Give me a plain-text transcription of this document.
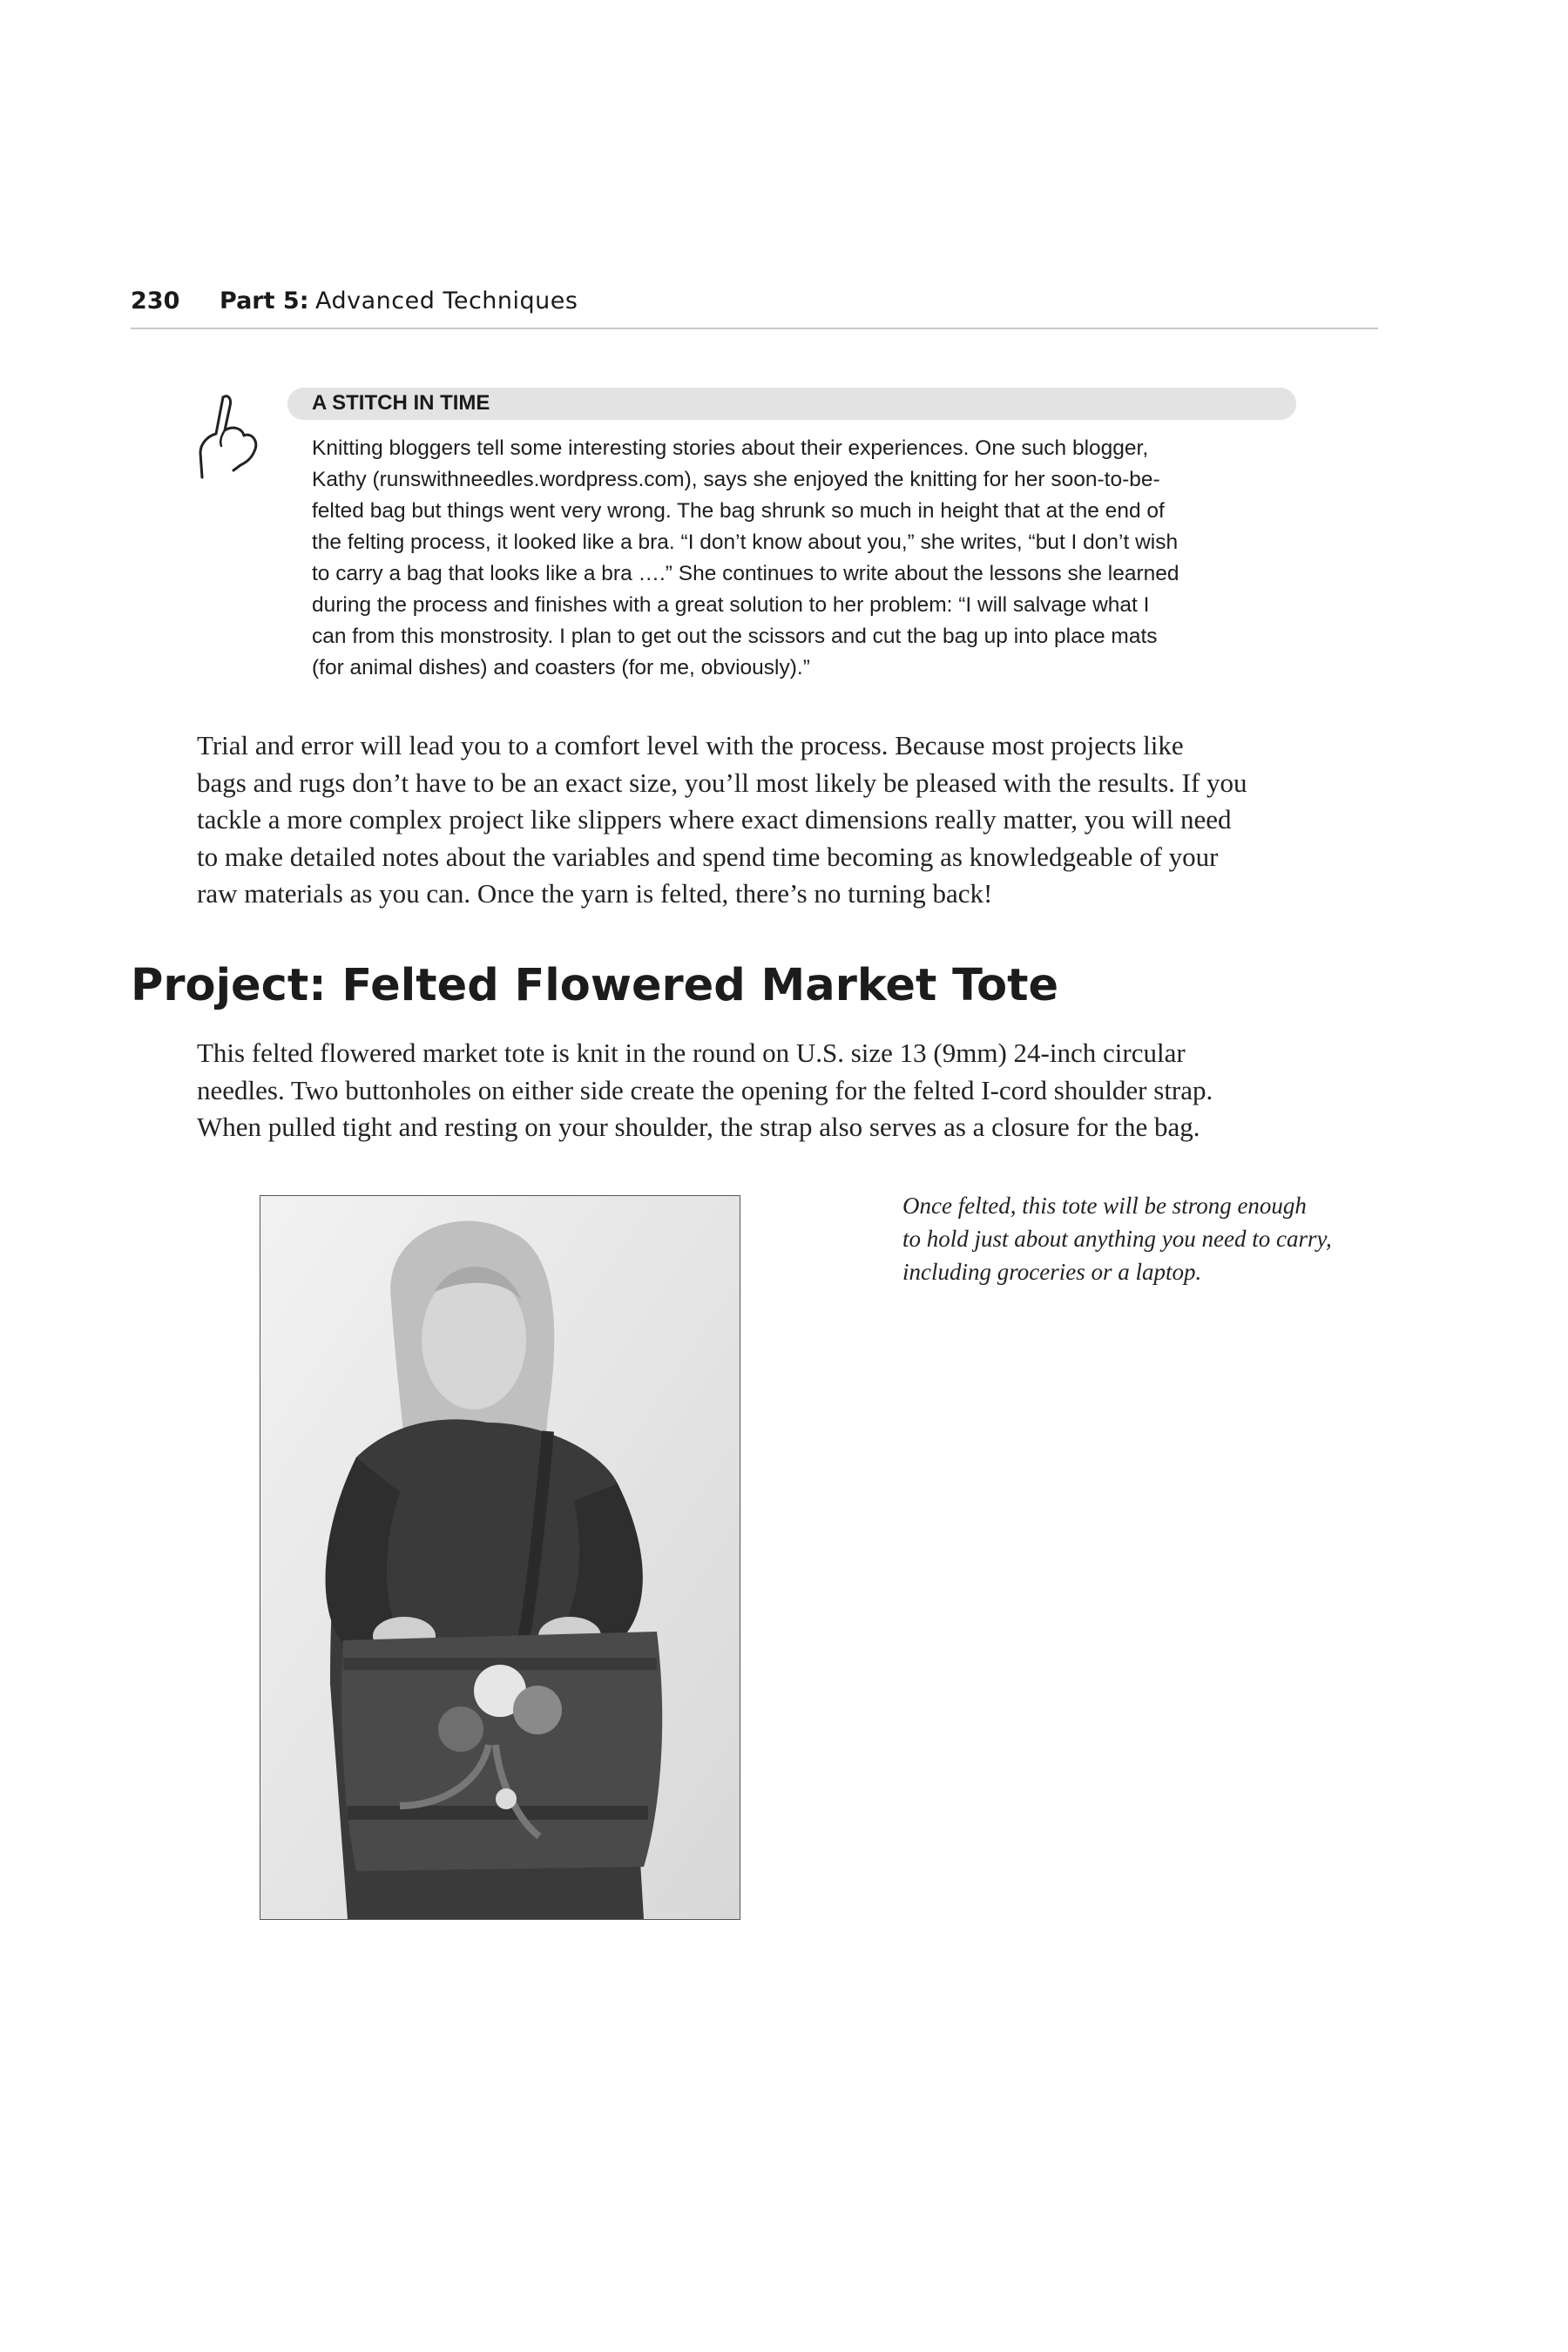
230 Part 5: Advanced Techniques
A STITCH IN TIME
Knitting bloggers tell some interesting stories about their experiences. One such blogger,
Kathy (runswithneedles.wordpress.com), says she enjoyed the knitting for her soon-to-be-
felted bag but things went very wrong. The bag shrunk so much in height that at the end of
the felting process, it looked like a bra. “I don’t know about you,” she writes, “but I don’t wish
to carry a bag that looks like a bra ….” She continues to write about the lessons she learned
during the process and finishes with a great solution to her problem: “I will salvage what I
can from this monstrosity. I plan to get out the scissors and cut the bag up into place mats
(for animal dishes) and coasters (for me, obviously).”
Trial and error will lead you to a comfort level with the process. Because most projects like
bags and rugs don’t have to be an exact size, you’ll most likely be pleased with the results. If you
tackle a more complex project like slippers where exact dimensions really matter, you will need
to make detailed notes about the variables and spend time becoming as knowledgeable of your
raw materials as you can. Once the yarn is felted, there’s no turning back!
Project: Felted Flowered Market Tote
This felted flowered market tote is knit in the round on U.S. size 13 (9mm) 24-inch circular
needles. Two buttonholes on either side create the opening for the felted I-cord shoulder strap.
When pulled tight and resting on your shoulder, the strap also serves as a closure for the bag.
Once felted, this tote will be strong enough
to hold just about anything you need to carry,
including groceries or a laptop.
